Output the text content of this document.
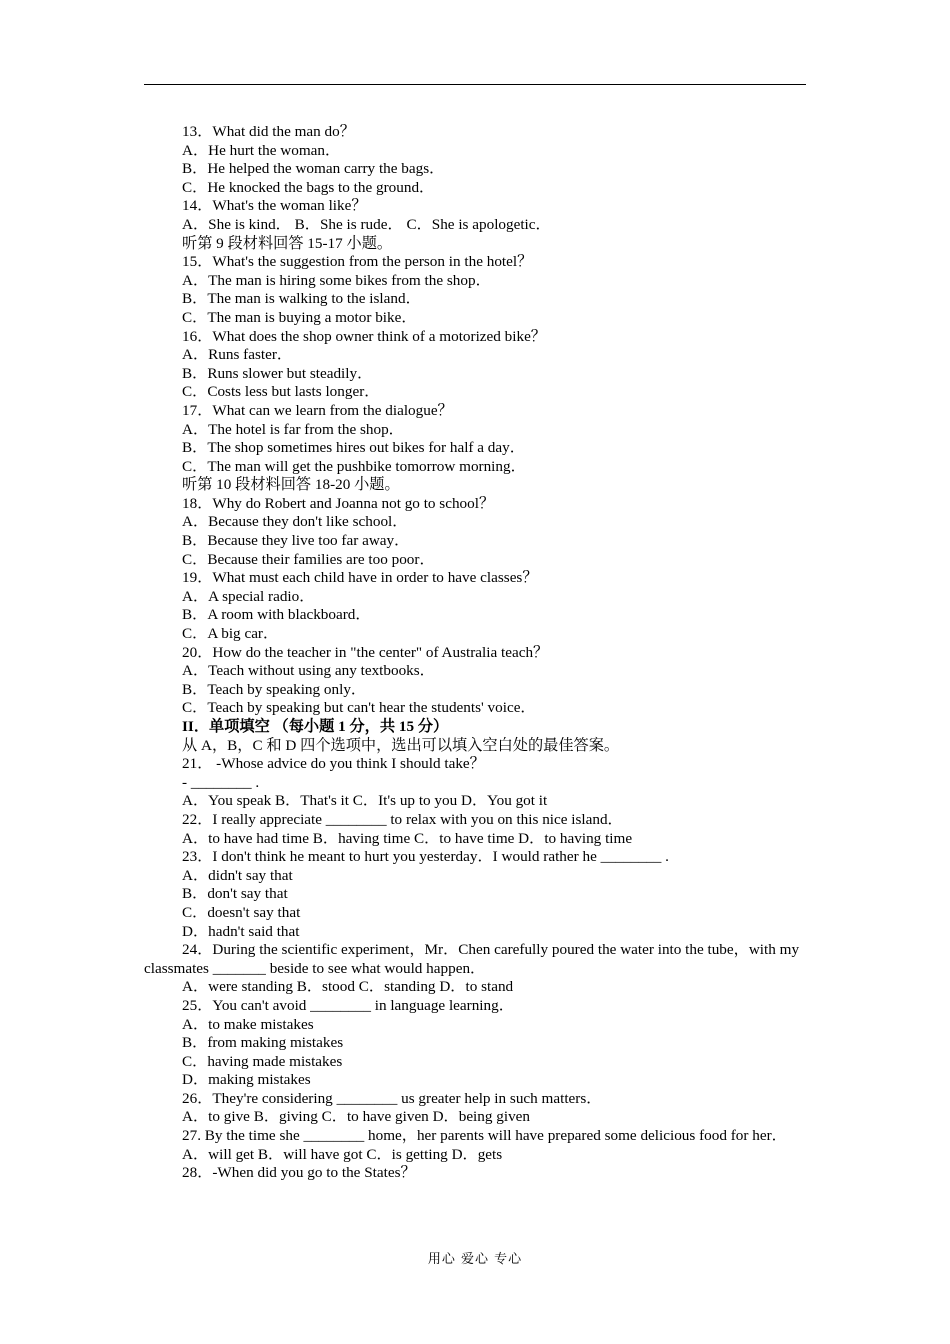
13．What did the man do？
A．He hurt the woman．
B．He helped the woman carry the bags．
C．He knocked the bags to the ground．
14．What's the woman like？
A．She is kind． B．She is rude． C．She is apologetic．
听第 9 段材料回答 15-17 小题。
15．What's the suggestion from the person in the hotel？
A．The man is hiring some bikes from the shop．
B．The man is walking to the island．
C．The man is buying a motor bike．
16．What does the shop owner think of a motorized bike？
A．Runs faster．
B．Runs slower but steadily．
C．Costs less but lasts longer．
17．What can we learn from the dialogue？
A．The hotel is far from the shop．
B．The shop sometimes hires out bikes for half a day．
C．The man will get the pushbike tomorrow morning．
听第 10 段材料回答 18-20 小题。
18．Why do Robert and Joanna not go to school？
A．Because they don't like school．
B．Because they live too far away．
C．Because their families are too poor．
19．What must each child have in order to have classes？
A．A special radio．
B．A room with blackboard．
C．A big car．
20．How do the teacher in "the center" of Australia teach？
A．Teach without using any textbooks．
B．Teach by speaking only．
C．Teach by speaking but can't hear the students' voice．
II．单项填空 （每小题 1 分，共 15 分）
从 A，B，C 和 D 四个选项中，选出可以填入空白处的最佳答案。
21． -Whose advice do you think I should take？
- ________ .
A．You speak B．That's it C．It's up to you D．You got it
22．I really appreciate ________ to relax with you on this nice island．
A．to have had time B．having time C．to have time D．to having time
23．I don't think he meant to hurt you yesterday．I would rather he ________ .
A．didn't say that
B．don't say that
C．doesn't say that
D．hadn't said that
24．During the scientific experiment，Mr．Chen carefully poured the water into the tube，with my classmates _______ beside to see what would happen．
A．were standing B．stood C．standing D．to stand
25．You can't avoid ________ in language learning．
A．to make mistakes
B．from making mistakes
C．having made mistakes
D．making mistakes
26．They're considering ________ us greater help in such matters．
A．to give B．giving C．to have given D．being given
27. By the time she ________ home，her parents will have prepared some delicious food for her．
A．will get B．will have got C．is getting D．gets
28．-When did you go to the States？
用心 爱心 专心
